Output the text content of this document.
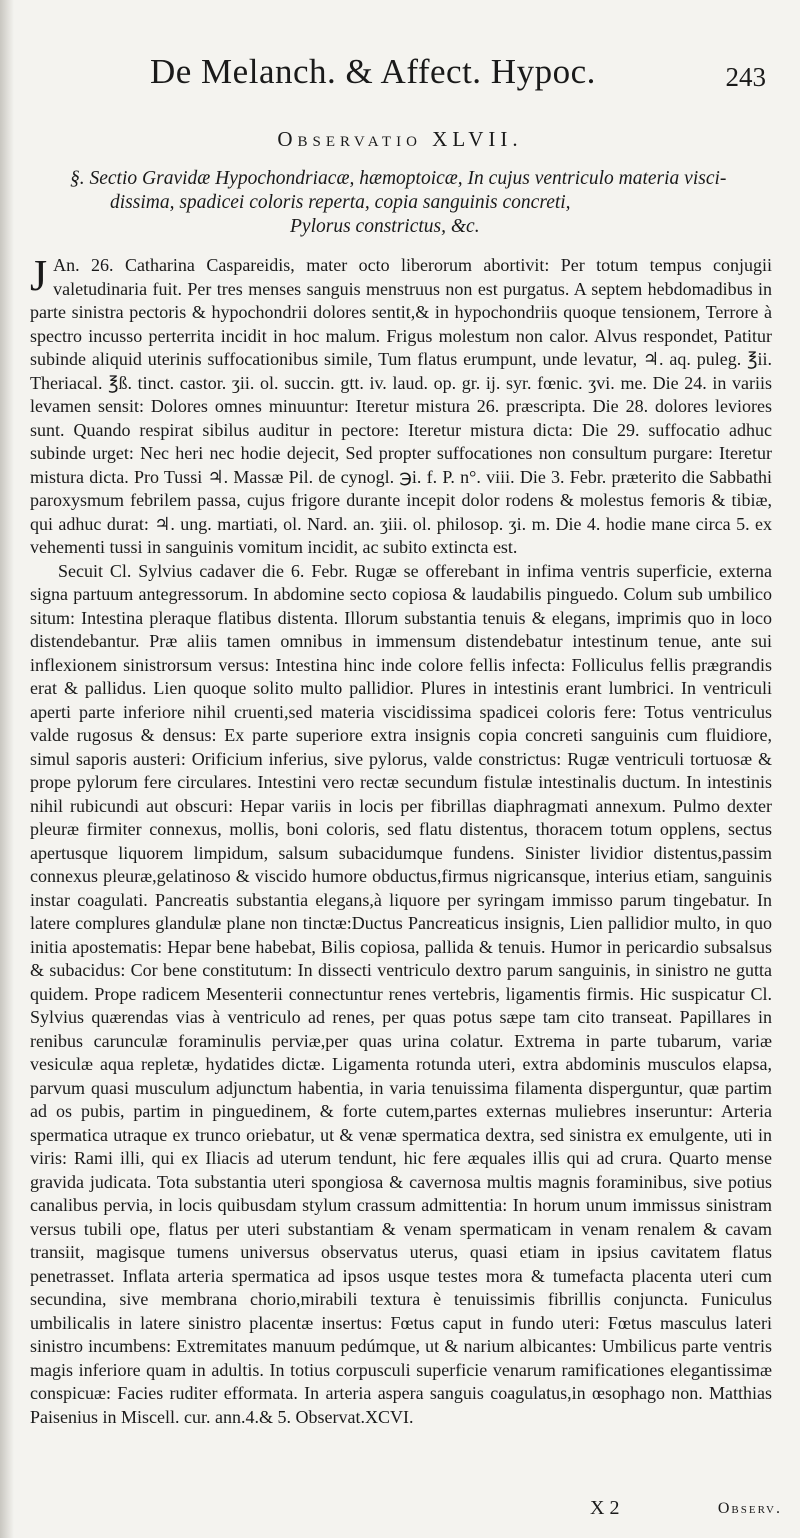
De Melanch. & Affect. Hypoc.	243
Observatio XLVII.
§. Sectio Gravidæ Hypochondriacæ, hæmoptoicæ, In cujus ventriculo materia visci-
dissima, spadicei coloris reperta, copia sanguinis concreti,
Pylorus constrictus, &c.

J An. 26. Catharina Caspareidis, mater octo liberorum abortivit: Per totum tempus conjugii valetudinaria fuit. Per tres menses sanguis menstruus non est purgatus. A septem hebdomadibus in parte sinistra pectoris & hypochondrii dolores sentit,& in hypochondriis quoque tensionem, Terrore à spectro incusso perterrita incidit in hoc malum. Frigus molestum non calor. Alvus respondet, Patitur subinde aliquid uterinis suffocationibus simile, Tum flatus erumpunt, unde levatur, ♃. aq. puleg. ℥ii. Theriacal. ℥ß. tinct. castor. ʒii. ol. succin. gtt. iv. laud. op. gr. ij. syr. fœnic. ʒvi. me. Die 24. in variis levamen sensit: Dolores omnes minuuntur: Iteretur mistura 26. præscripta. Die 28. dolores leviores sunt. Quando respirat sibilus auditur in pectore: Iteretur mistura dicta: Die 29. suffocatio adhuc subinde urget: Nec heri nec hodie dejecit, Sed propter suffocationes non consultum purgare: Iteretur mistura dicta. Pro Tussi ♃. Massæ Pil. de cynogl. ℈i. f. P. n°. viii. Die 3. Febr. præterito die Sabbathi paroxysmum febrilem passa, cujus frigore durante incepit dolor rodens & molestus femoris & tibiæ, qui adhuc durat: ♃. ung. martiati, ol. Nard. an. ʒiii. ol. philosop. ʒi. m. Die 4. hodie mane circa 5. ex vehementi tussi in sanguinis vomitum incidit, ac subito extincta est.

Secuit Cl. Sylvius cadaver die 6. Febr. Rugæ se offerebant in infima ventris superficie, externa signa partuum antegressorum. In abdomine secto copiosa & laudabilis pinguedo. Colum sub umbilico situm: Intestina pleraque flatibus distenta. Illorum substantia tenuis & elegans, imprimis quo in loco distendebantur. Præ aliis tamen omnibus in immensum distendebatur intestinum tenue, ante sui inflexionem sinistrorsum versus: Intestina hinc inde colore fellis infecta: Folliculus fellis prægrandis erat & pallidus. Lien quoque solito multo pallidior. Plures in intestinis erant lumbrici. In ventriculi aperti parte inferiore nihil cruenti,sed materia viscidissima spadicei coloris fere: Totus ventriculus valde rugosus & densus: Ex parte superiore extra insignis copia concreti sanguinis cum fluidiore, simul saporis austeri: Orificium inferius, sive pylorus, valde constrictus: Rugæ ventriculi tortuosæ & prope pylorum fere circulares. Intestini vero rectæ secundum fistulæ intestinalis ductum. In intestinis nihil rubicundi aut obscuri: Hepar variis in locis per fibrillas diaphragmati annexum. Pulmo dexter pleuræ firmiter connexus, mollis, boni coloris, sed flatu distentus, thoracem totum opplens, sectus apertusque liquorem limpidum, salsum subacidumque fundens. Sinister lividior distentus,passim connexus pleuræ,gelatinoso & viscido humore obductus,firmus nigricansque, interius etiam, sanguinis instar coagulati. Pancreatis substantia elegans,à liquore per syringam immisso parum tingebatur. In latere complures glandulæ plane non tinctæ:Ductus Pancreaticus insignis, Lien pallidior multo, in quo initia apostematis: Hepar bene habebat, Bilis copiosa, pallida & tenuis. Humor in pericardio subsalsus & subacidus: Cor bene constitutum: In dissecti ventriculo dextro parum sanguinis, in sinistro ne gutta quidem. Prope radicem Mesenterii connectuntur renes vertebris, ligamentis firmis. Hic suspicatur Cl. Sylvius quærendas vias à ventriculo ad renes, per quas potus sæpe tam cito transeat. Papillares in renibus carunculæ foraminulis perviæ,per quas urina colatur. Extrema in parte tubarum, variæ vesiculæ aqua repletæ, hydatides dictæ. Ligamenta rotunda uteri, extra abdominis musculos elapsa, parvum quasi musculum adjunctum habentia, in varia tenuissima filamenta disperguntur, quæ partim ad os pubis, partim in pinguedinem, & forte cutem,partes externas muliebres inseruntur: Arteria spermatica utraque ex trunco oriebatur, ut & venæ spermatica dextra, sed sinistra ex emulgente, uti in viris: Rami illi, qui ex Iliacis ad uterum tendunt, hic fere æquales illis qui ad crura. Quarto mense gravida judicata. Tota substantia uteri spongiosa & cavernosa multis magnis foraminibus, sive potius canalibus pervia, in locis quibusdam stylum crassum admittentia: In horum unum immissus sinistram versus tubili ope, flatus per uteri substantiam & venam spermaticam in venam renalem & cavam transiit, magisque tumens universus observatus uterus, quasi etiam in ipsius cavitatem flatus penetrasset. Inflata arteria spermatica ad ipsos usque testes mora & tumefacta placenta uteri cum secundina, sive membrana chorio,mirabili textura è tenuissimis fibrillis conjuncta. Funiculus umbilicalis in latere sinistro placentæ insertus: Fœtus caput in fundo uteri: Fœtus masculus lateri sinistro incumbens: Extremitates manuum pedúmque, ut & narium albicantes: Umbilicus parte ventris magis inferiore quam in adultis. In totius corpusculi superficie venarum ramificationes elegantissimæ conspicuæ: Facies ruditer efformata. In arteria aspera sanguis coagulatus,in œsophago non. Matthias Paisenius in Miscell. cur. ann.4.& 5. Observat.XCVI.

X 2	Observ.
